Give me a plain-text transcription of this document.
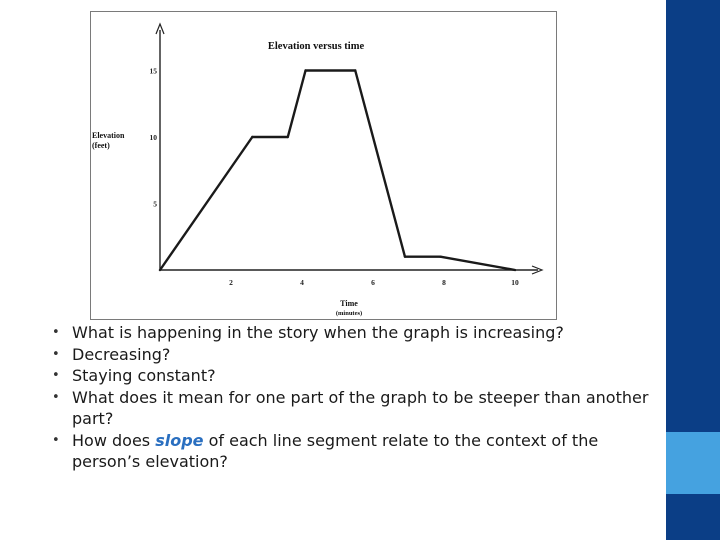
2	4	6	8	10
5
10
15
Elevation versus time
Elevation
(feet)
Time
(minutes)
• What is happening in the story when the graph is increasing?
• Decreasing?
• Staying constant?
• What does it mean for one part of the graph to be steeper than another part?
• How does slope of each line segment relate to the context of the person’s elevation?
